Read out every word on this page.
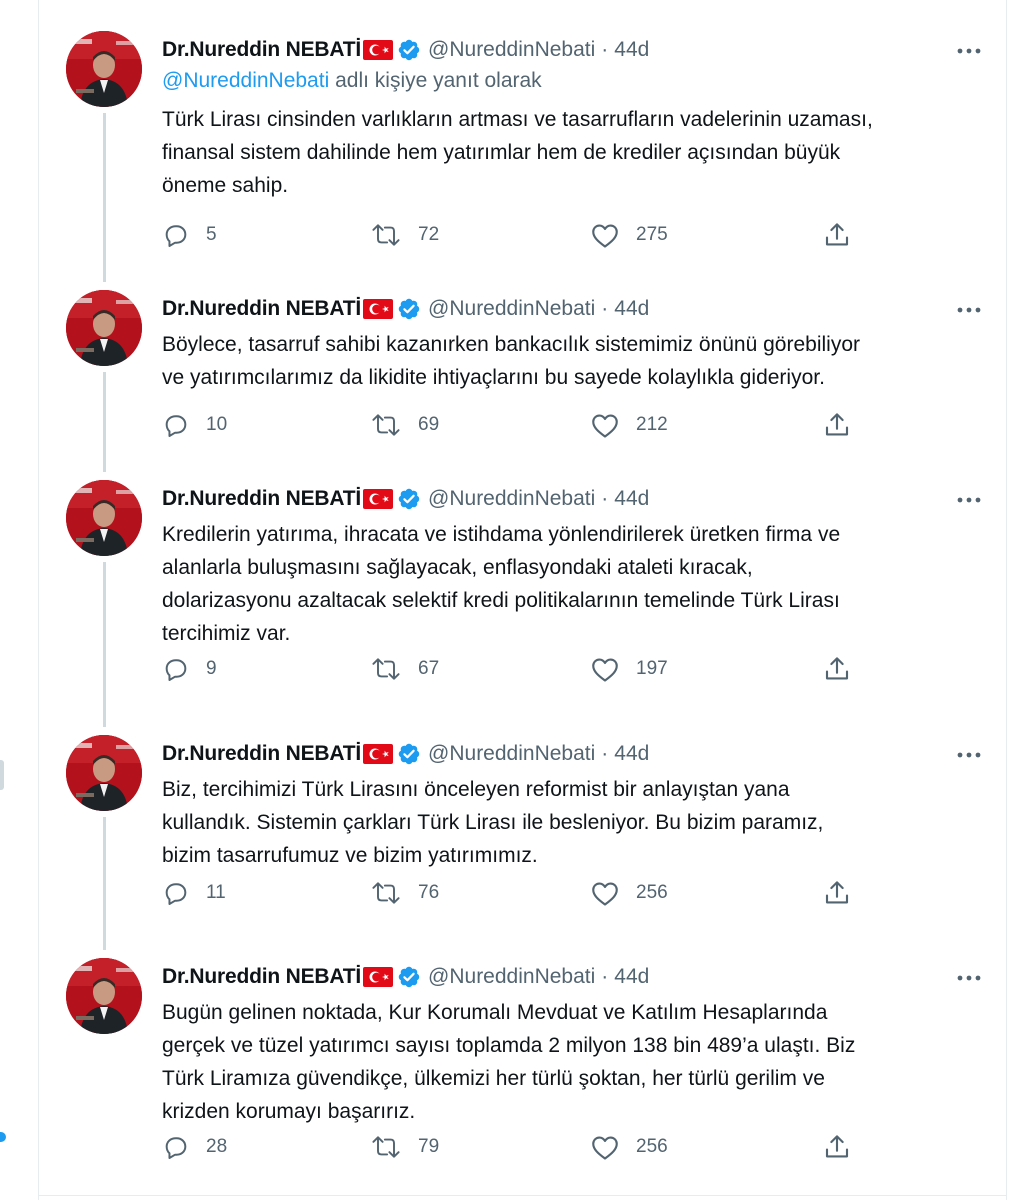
Dr.Nureddin NEBATİ	@NureddinNebati · 44d
@NureddinNebati adlı kişiye yanıt olarak
Türk Lirası cinsinden varlıkların artması ve tasarrufların vadelerinin uzaması,
finansal sistem dahilinde hem yatırımlar hem de krediler açısından büyük
öneme sahip.
5	72	275
Dr.Nureddin NEBATİ	@NureddinNebati · 44d
Böylece, tasarruf sahibi kazanırken bankacılık sistemimiz önünü görebiliyor
ve yatırımcılarımız da likidite ihtiyaçlarını bu sayede kolaylıkla gideriyor.
10	69	212
Dr.Nureddin NEBATİ	@NureddinNebati · 44d
Kredilerin yatırıma, ihracata ve istihdama yönlendirilerek üretken firma ve
alanlarla buluşmasını sağlayacak, enflasyondaki ataleti kıracak,
dolarizasyonu azaltacak selektif kredi politikalarının temelinde Türk Lirası
tercihimiz var.
9	67	197
Dr.Nureddin NEBATİ	@NureddinNebati · 44d
Biz, tercihimizi Türk Lirasını önceleyen reformist bir anlayıştan yana
kullandık. Sistemin çarkları Türk Lirası ile besleniyor. Bu bizim paramız,
bizim tasarrufumuz ve bizim yatırımımız.
11	76	256
Dr.Nureddin NEBATİ	@NureddinNebati · 44d
Bugün gelinen noktada, Kur Korumalı Mevduat ve Katılım Hesaplarında
gerçek ve tüzel yatırımcı sayısı toplamda 2 milyon 138 bin 489’a ulaştı. Biz
Türk Liramıza güvendikçe, ülkemizi her türlü şoktan, her türlü gerilim ve
krizden korumayı başarırız.
28	79	256
